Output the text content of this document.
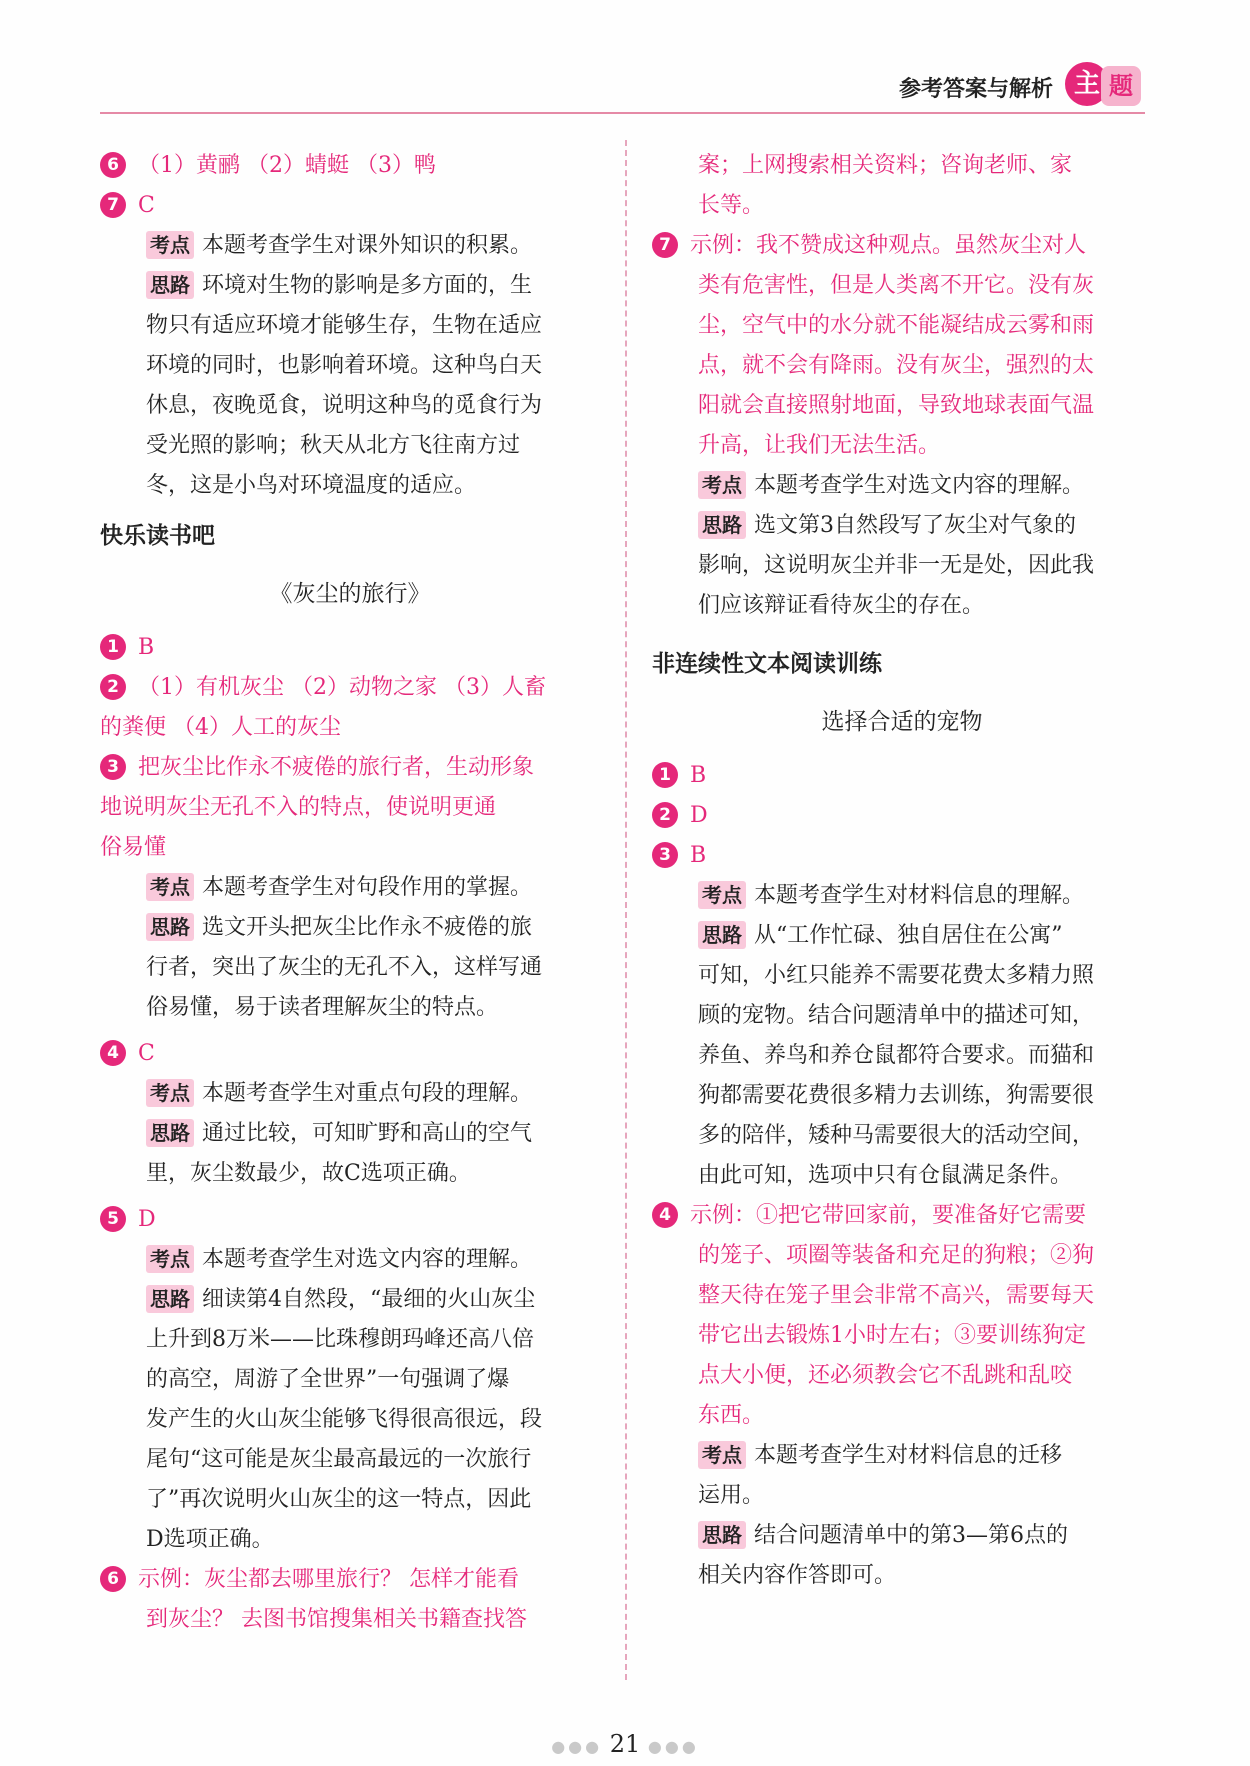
参考答案与解析 主 题

6 （1）黄鹂 （2）蜻蜓 （3）鸭

7 C

考点 本题考查学生对课外知识的积累。

思路 环境对生物的影响是多方面的，生

物只有适应环境才能够生存，生物在适应

环境的同时，也影响着环境。这种鸟白天

休息，夜晚觅食，说明这种鸟的觅食行为

受光照的影响；秋天从北方飞往南方过

冬，这是小鸟对环境温度的适应。

快乐读书吧
《灰尘的旅行》

1 B

2 （1）有机灰尘 （2）动物之家 （3）人畜

的粪便 （4）人工的灰尘

3 把灰尘比作永不疲倦的旅行者，生动形象

地说明灰尘无孔不入的特点，使说明更通

俗易懂

考点 本题考查学生对句段作用的掌握。

思路 选文开头把灰尘比作永不疲倦的旅

行者，突出了灰尘的无孔不入，这样写通

俗易懂，易于读者理解灰尘的特点。

4 C

考点 本题考查学生对重点句段的理解。

思路 通过比较，可知旷野和高山的空气

里，灰尘数最少，故C选项正确。

5 D

考点 本题考查学生对选文内容的理解。

思路 细读第4自然段，“最细的火山灰尘

上升到8万米——比珠穆朗玛峰还高八倍

的高空，周游了全世界”一句强调了爆

发产生的火山灰尘能够飞得很高很远，段

尾句“这可能是灰尘最高最远的一次旅行

了”再次说明火山灰尘的这一特点，因此

D选项正确。

6 示例：灰尘都去哪里旅行？ 怎样才能看

到灰尘？ 去图书馆搜集相关书籍查找答

案；上网搜索相关资料；咨询老师、家

长等。

7 示例：我不赞成这种观点。虽然灰尘对人

类有危害性，但是人类离不开它。没有灰

尘，空气中的水分就不能凝结成云雾和雨

点，就不会有降雨。没有灰尘，强烈的太

阳就会直接照射地面，导致地球表面气温

升高，让我们无法生活。

考点 本题考查学生对选文内容的理解。

思路 选文第3自然段写了灰尘对气象的

影响，这说明灰尘并非一无是处，因此我

们应该辩证看待灰尘的存在。

非连续性文本阅读训练
选择合适的宠物

1 B

2 D

3 B

考点 本题考查学生对材料信息的理解。

思路 从“工作忙碌、独自居住在公寓”

可知，小红只能养不需要花费太多精力照

顾的宠物。结合问题清单中的描述可知，

养鱼、养鸟和养仓鼠都符合要求。而猫和

狗都需要花费很多精力去训练，狗需要很

多的陪伴，矮种马需要很大的活动空间，

由此可知，选项中只有仓鼠满足条件。

4 示例：①把它带回家前，要准备好它需要

的笼子、项圈等装备和充足的狗粮；②狗

整天待在笼子里会非常不高兴，需要每天

带它出去锻炼1小时左右；③要训练狗定

点大小便，还必须教会它不乱跳和乱咬

东西。

考点 本题考查学生对材料信息的迁移

运用。

思路 结合问题清单中的第3—第6点的

相关内容作答即可。

●●● 21 ●●●
